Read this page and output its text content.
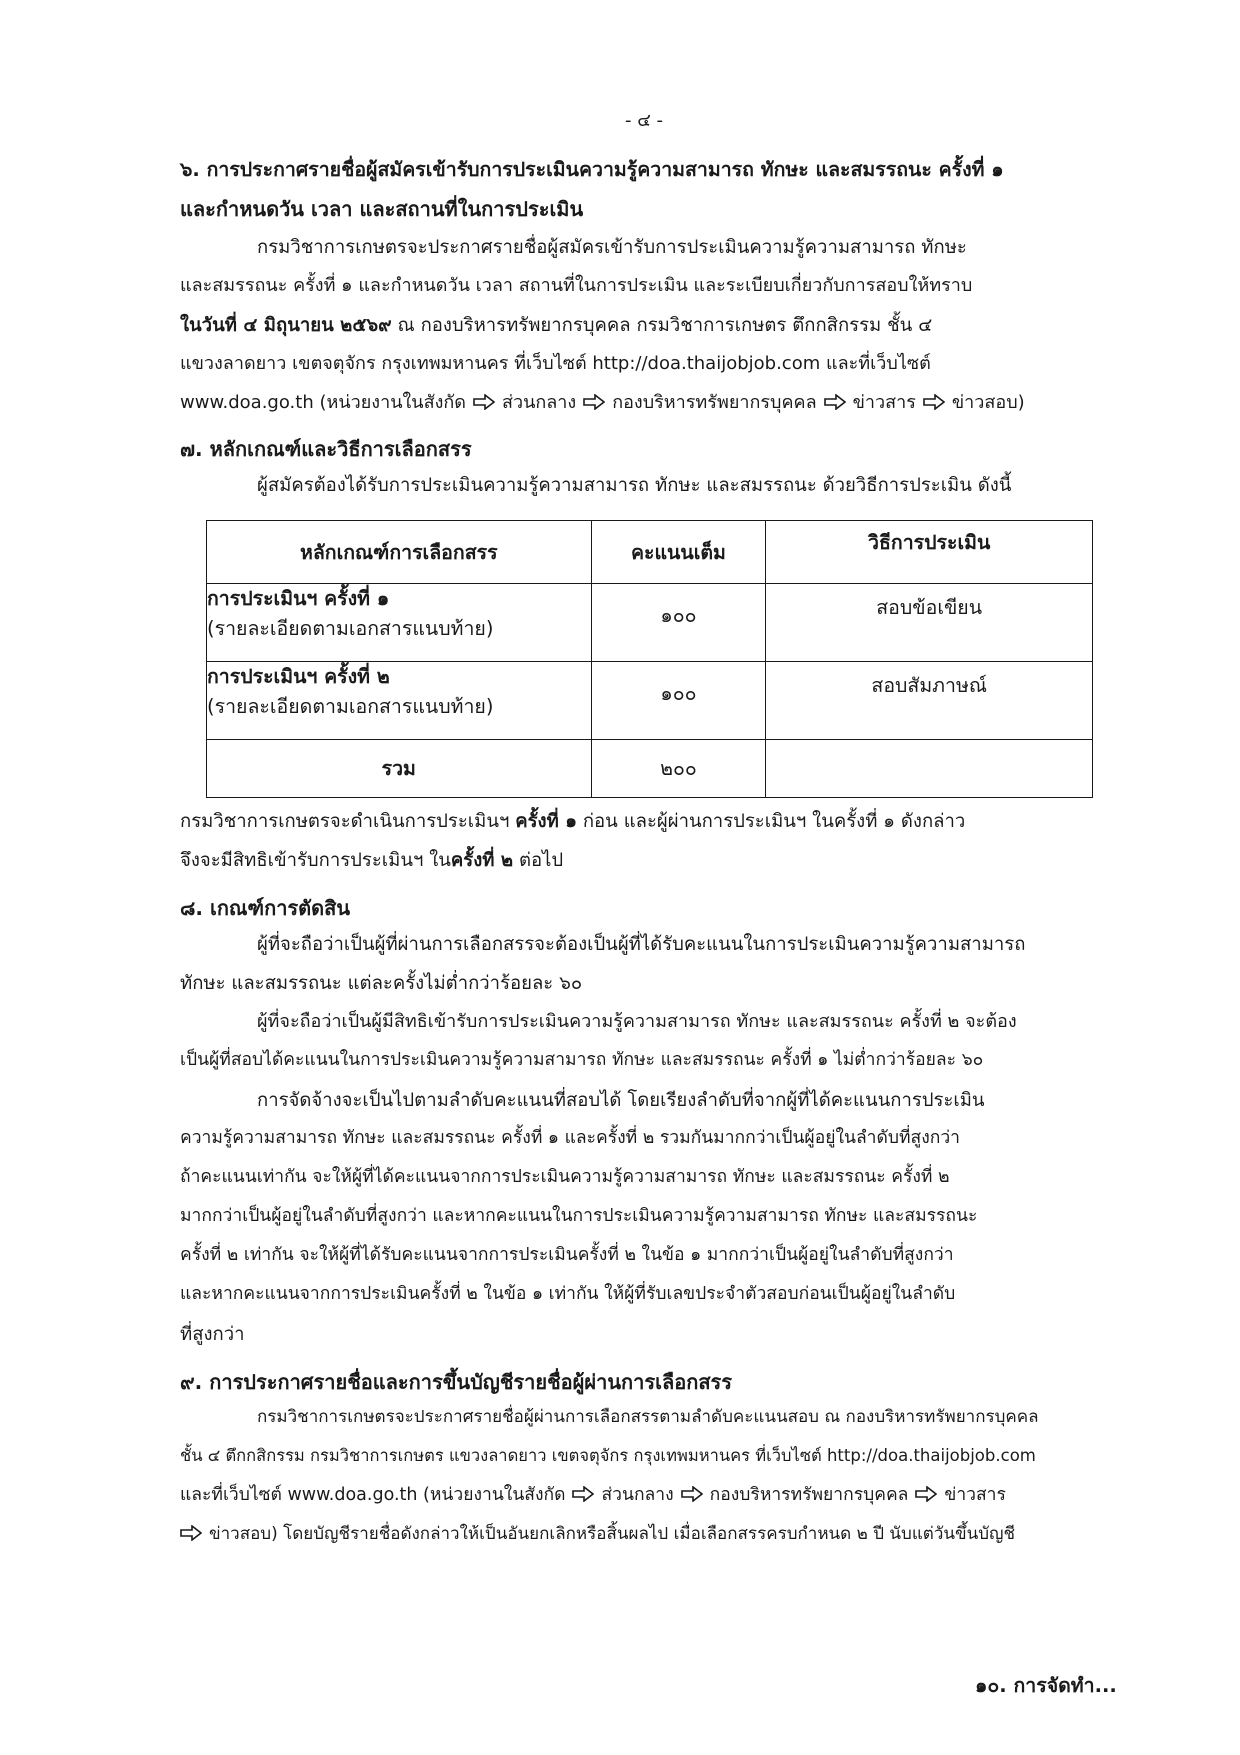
- ๔ -
๖. การประกาศรายชื่อผู้สมัครเข้ารับการประเมินความรู้ความสามารถ ทักษะ และสมรรถนะ ครั้งที่ ๑
และกำหนดวัน เวลา และสถานที่ในการประเมิน
กรมวิชาการเกษตรจะประกาศรายชื่อผู้สมัครเข้ารับการประเมินความรู้ความสามารถ ทักษะ
และสมรรถนะ ครั้งที่ ๑ และกำหนดวัน เวลา สถานที่ในการประเมิน และระเบียบเกี่ยวกับการสอบให้ทราบ
ในวันที่ ๔ มิถุนายน ๒๕๖๙ ณ กองบริหารทรัพยากรบุคคล กรมวิชาการเกษตร ตึกกสิกรรม ชั้น ๔
แขวงลาดยาว เขตจตุจักร กรุงเทพมหานคร ที่เว็บไซต์ http://doa.thaijobjob.com และที่เว็บไซต์
www.doa.go.th (หน่วยงานในสังกัด ส่วนกลาง กองบริหารทรัพยากรบุคคล ข่าวสาร ข่าวสอบ)
๗. หลักเกณฑ์และวิธีการเลือกสรร
ผู้สมัครต้องได้รับการประเมินความรู้ความสามารถ ทักษะ และสมรรถนะ ด้วยวิธีการประเมิน ดังนี้
หลักเกณฑ์การเลือกสรร	คะแนนเต็ม	วิธีการประเมิน

การประเมินฯ ครั้งที่ ๑
(รายละเอียดตามเอกสารแนบท้าย)	๑๐๐	สอบข้อเขียน

การประเมินฯ ครั้งที่ ๒
(รายละเอียดตามเอกสารแนบท้าย)	๑๐๐	สอบสัมภาษณ์
รวม	๒๐๐	
กรมวิชาการเกษตรจะดำเนินการประเมินฯ ครั้งที่ ๑ ก่อน และผู้ผ่านการประเมินฯ ในครั้งที่ ๑ ดังกล่าว
จึงจะมีสิทธิเข้ารับการประเมินฯ ในครั้งที่ ๒ ต่อไป
๘. เกณฑ์การตัดสิน
ผู้ที่จะถือว่าเป็นผู้ที่ผ่านการเลือกสรรจะต้องเป็นผู้ที่ได้รับคะแนนในการประเมินความรู้ความสามารถ
ทักษะ และสมรรถนะ แต่ละครั้งไม่ต่ำกว่าร้อยละ ๖๐
ผู้ที่จะถือว่าเป็นผู้มีสิทธิเข้ารับการประเมินความรู้ความสามารถ ทักษะ และสมรรถนะ ครั้งที่ ๒ จะต้อง
เป็นผู้ที่สอบได้คะแนนในการประเมินความรู้ความสามารถ ทักษะ และสมรรถนะ ครั้งที่ ๑ ไม่ต่ำกว่าร้อยละ ๖๐
การจัดจ้างจะเป็นไปตามลำดับคะแนนที่สอบได้ โดยเรียงลำดับที่จากผู้ที่ได้คะแนนการประเมิน
ความรู้ความสามารถ ทักษะ และสมรรถนะ ครั้งที่ ๑ และครั้งที่ ๒ รวมกันมากกว่าเป็นผู้อยู่ในลำดับที่สูงกว่า
ถ้าคะแนนเท่ากัน จะให้ผู้ที่ได้คะแนนจากการประเมินความรู้ความสามารถ ทักษะ และสมรรถนะ ครั้งที่ ๒
มากกว่าเป็นผู้อยู่ในลำดับที่สูงกว่า และหากคะแนนในการประเมินความรู้ความสามารถ ทักษะ และสมรรถนะ
ครั้งที่ ๒ เท่ากัน จะให้ผู้ที่ได้รับคะแนนจากการประเมินครั้งที่ ๒ ในข้อ ๑ มากกว่าเป็นผู้อยู่ในลำดับที่สูงกว่า
และหากคะแนนจากการประเมินครั้งที่ ๒ ในข้อ ๑ เท่ากัน ให้ผู้ที่รับเลขประจำตัวสอบก่อนเป็นผู้อยู่ในลำดับ
ที่สูงกว่า
๙. การประกาศรายชื่อและการขึ้นบัญชีรายชื่อผู้ผ่านการเลือกสรร
กรมวิชาการเกษตรจะประกาศรายชื่อผู้ผ่านการเลือกสรรตามลำดับคะแนนสอบ ณ กองบริหารทรัพยากรบุคคล
ชั้น ๔ ตึกกสิกรรม กรมวิชาการเกษตร แขวงลาดยาว เขตจตุจักร กรุงเทพมหานคร ที่เว็บไซต์ http://doa.thaijobjob.com
และที่เว็บไซต์ www.doa.go.th (หน่วยงานในสังกัด ส่วนกลาง กองบริหารทรัพยากรบุคคล ข่าวสาร
ข่าวสอบ) โดยบัญชีรายชื่อดังกล่าวให้เป็นอันยกเลิกหรือสิ้นผลไป เมื่อเลือกสรรครบกำหนด ๒ ปี นับแต่วันขึ้นบัญชี
๑๐. การจัดทำ...
